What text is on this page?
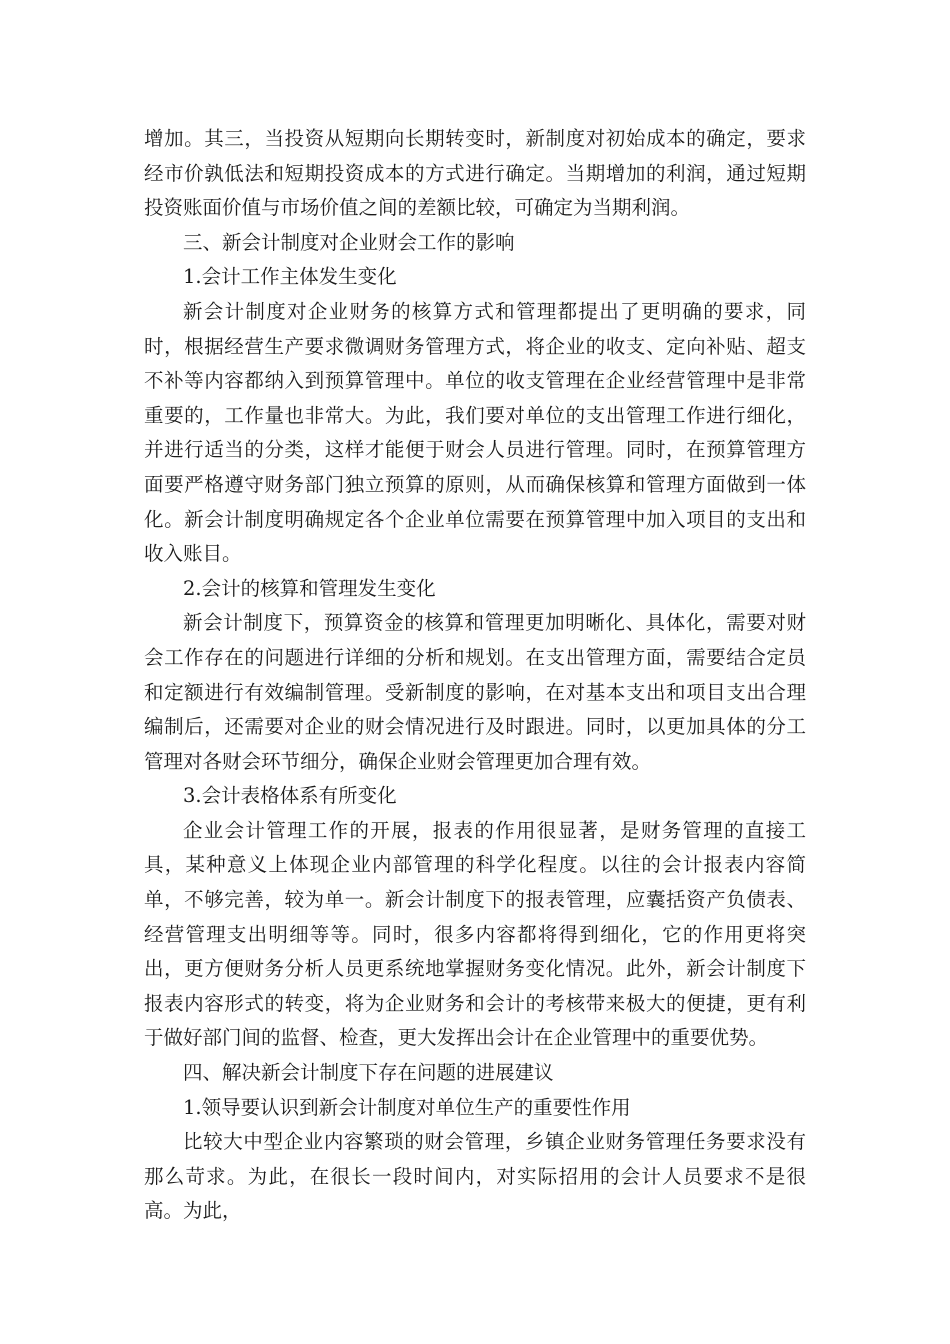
增加。其三，当投资从短期向长期转变时，新制度对初始成本的确定，要求经市价孰低法和短期投资成本的方式进行确定。当期增加的利润，通过短期投资账面价值与市场价值之间的差额比较，可确定为当期利润。

三、新会计制度对企业财会工作的影响

1.会计工作主体发生变化

新会计制度对企业财务的核算方式和管理都提出了更明确的要求，同时，根据经营生产要求微调财务管理方式，将企业的收支、定向补贴、超支不补等内容都纳入到预算管理中。单位的收支管理在企业经营管理中是非常重要的，工作量也非常大。为此，我们要对单位的支出管理工作进行细化，并进行适当的分类，这样才能便于财会人员进行管理。同时，在预算管理方面要严格遵守财务部门独立预算的原则，从而确保核算和管理方面做到一体化。新会计制度明确规定各个企业单位需要在预算管理中加入项目的支出和收入账目。

2.会计的核算和管理发生变化

新会计制度下，预算资金的核算和管理更加明晰化、具体化，需要对财会工作存在的问题进行详细的分析和规划。在支出管理方面，需要结合定员和定额进行有效编制管理。受新制度的影响，在对基本支出和项目支出合理编制后，还需要对企业的财会情况进行及时跟进。同时，以更加具体的分工管理对各财会环节细分，确保企业财会管理更加合理有效。

3.会计表格体系有所变化

企业会计管理工作的开展，报表的作用很显著，是财务管理的直接工具，某种意义上体现企业内部管理的科学化程度。以往的会计报表内容简单，不够完善，较为单一。新会计制度下的报表管理，应囊括资产负债表、经营管理支出明细等等。同时，很多内容都将得到细化，它的作用更将突出，更方便财务分析人员更系统地掌握财务变化情况。此外，新会计制度下报表内容形式的转变，将为企业财务和会计的考核带来极大的便捷，更有利于做好部门间的监督、检查，更大发挥出会计在企业管理中的重要优势。

四、解决新会计制度下存在问题的进展建议

1.领导要认识到新会计制度对单位生产的重要性作用

比较大中型企业内容繁琐的财会管理，乡镇企业财务管理任务要求没有那么苛求。为此，在很长一段时间内，对实际招用的会计人员要求不是很高。为此，
